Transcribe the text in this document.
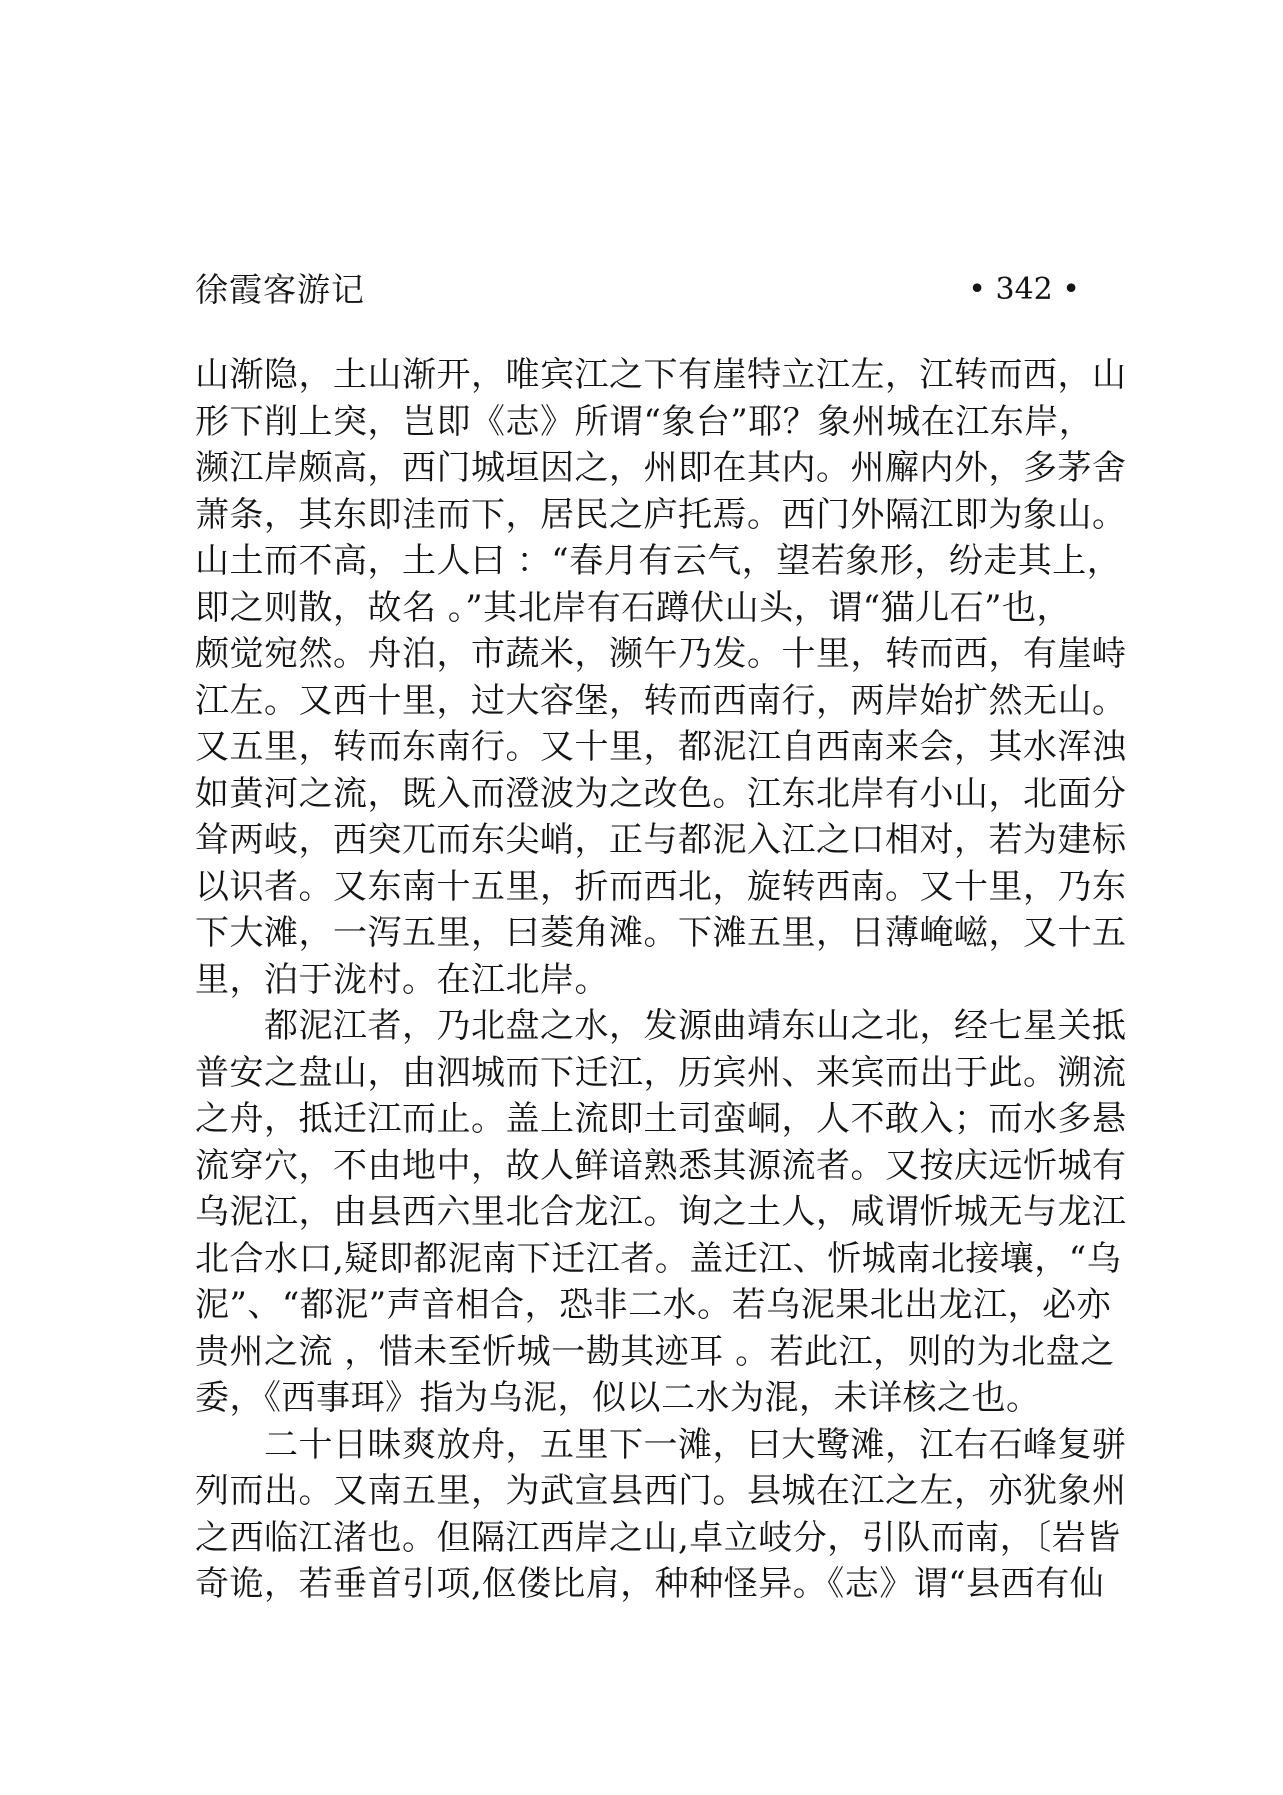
徐霞客游记	• 342 •
山渐隐，土山渐开，唯宾江之下有崖特立江左，江转而西，山
形下削上突，岂即《志》所谓“象台”耶？象州城在江东岸，
濒江岸颇高，西门城垣因之，州即在其内。州廨内外，多茅舍
萧条，其东即洼而下，居民之庐托焉。西门外隔江即为象山。
山土而不高，土人曰 ：“春月有云气，望若象形，纷走其上，
即之则散，故名 。”其北岸有石蹲伏山头，谓“猫儿石”也，
颇觉宛然。舟泊，市蔬米，濒午乃发。十里，转而西，有崖峙
江左。又西十里，过大容堡，转而西南行，两岸始扩然无山。
又五里，转而东南行。又十里，都泥江自西南来会，其水浑浊
如黄河之流，既入而澄波为之改色。江东北岸有小山，北面分
耸两岐，西突兀而东尖峭，正与都泥入江之口相对，若为建标
以识者。又东南十五里，折而西北，旋转西南。又十里，乃东
下大滩，一泻五里，曰菱角滩。下滩五里，日薄崦嵫，又十五
里，泊于泷村。在江北岸。
　　都泥江者，乃北盘之水，发源曲靖东山之北，经七星关抵
普安之盘山，由泗城而下迁江，历宾州、来宾而出于此。溯流
之舟，抵迁江而止。盖上流即土司蛮峒，人不敢入；而水多悬
流穿穴，不由地中，故人鲜谙熟悉其源流者。又按庆远忻城有
乌泥江，由县西六里北合龙江。询之土人，咸谓忻城无与龙江
北合水口,疑即都泥南下迁江者。盖迁江、忻城南北接壤，“乌
泥”、“都泥”声音相合，恐非二水。若乌泥果北出龙江，必亦
贵州之流 ，惜未至忻城一勘其迹耳 。若此江，则的为北盘之
委，《西事珥》指为乌泥，似以二水为混，未详核之也。
　　二十日昧爽放舟，五里下一滩，曰大鹭滩，江右石峰复骈
列而出。又南五里，为武宣县西门。县城在江之左，亦犹象州
之西临江渚也。但隔江西岸之山,卓立岐分，引队而南，〔岩皆
奇诡，若垂首引项,伛偻比肩，种种怪异。《志》谓“县西有仙
